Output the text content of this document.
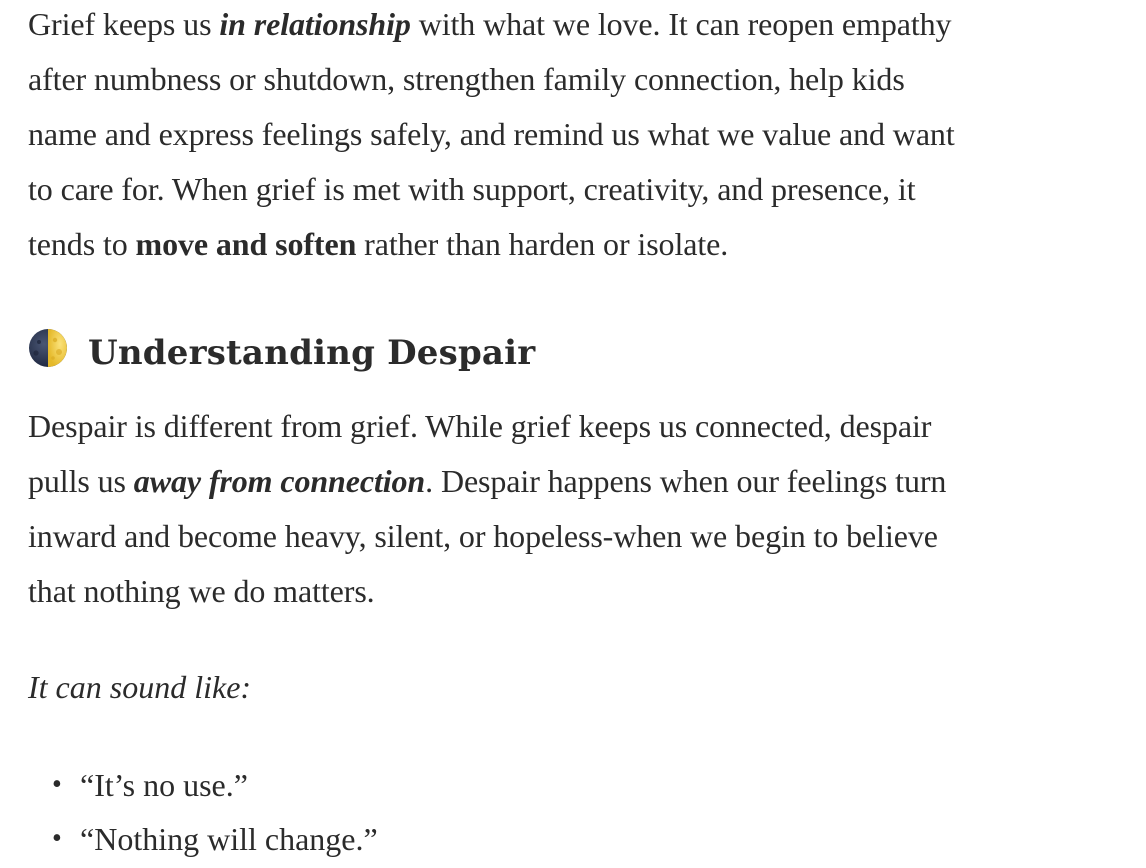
Grief keeps us in relationship with what we love. It can reopen empathy
after numbness or shutdown, strengthen family connection, help kids
name and express feelings safely, and remind us what we value and want
to care for. When grief is met with support, creativity, and presence, it
tends to move and soften rather than harden or isolate.

Understanding Despair

Despair is different from grief. While grief keeps us connected, despair
pulls us away from connection. Despair happens when our feelings turn
inward and become heavy, silent, or hopeless-when we begin to believe
that nothing we do matters.

It can sound like:

• “It’s no use.”
• “Nothing will change.”
